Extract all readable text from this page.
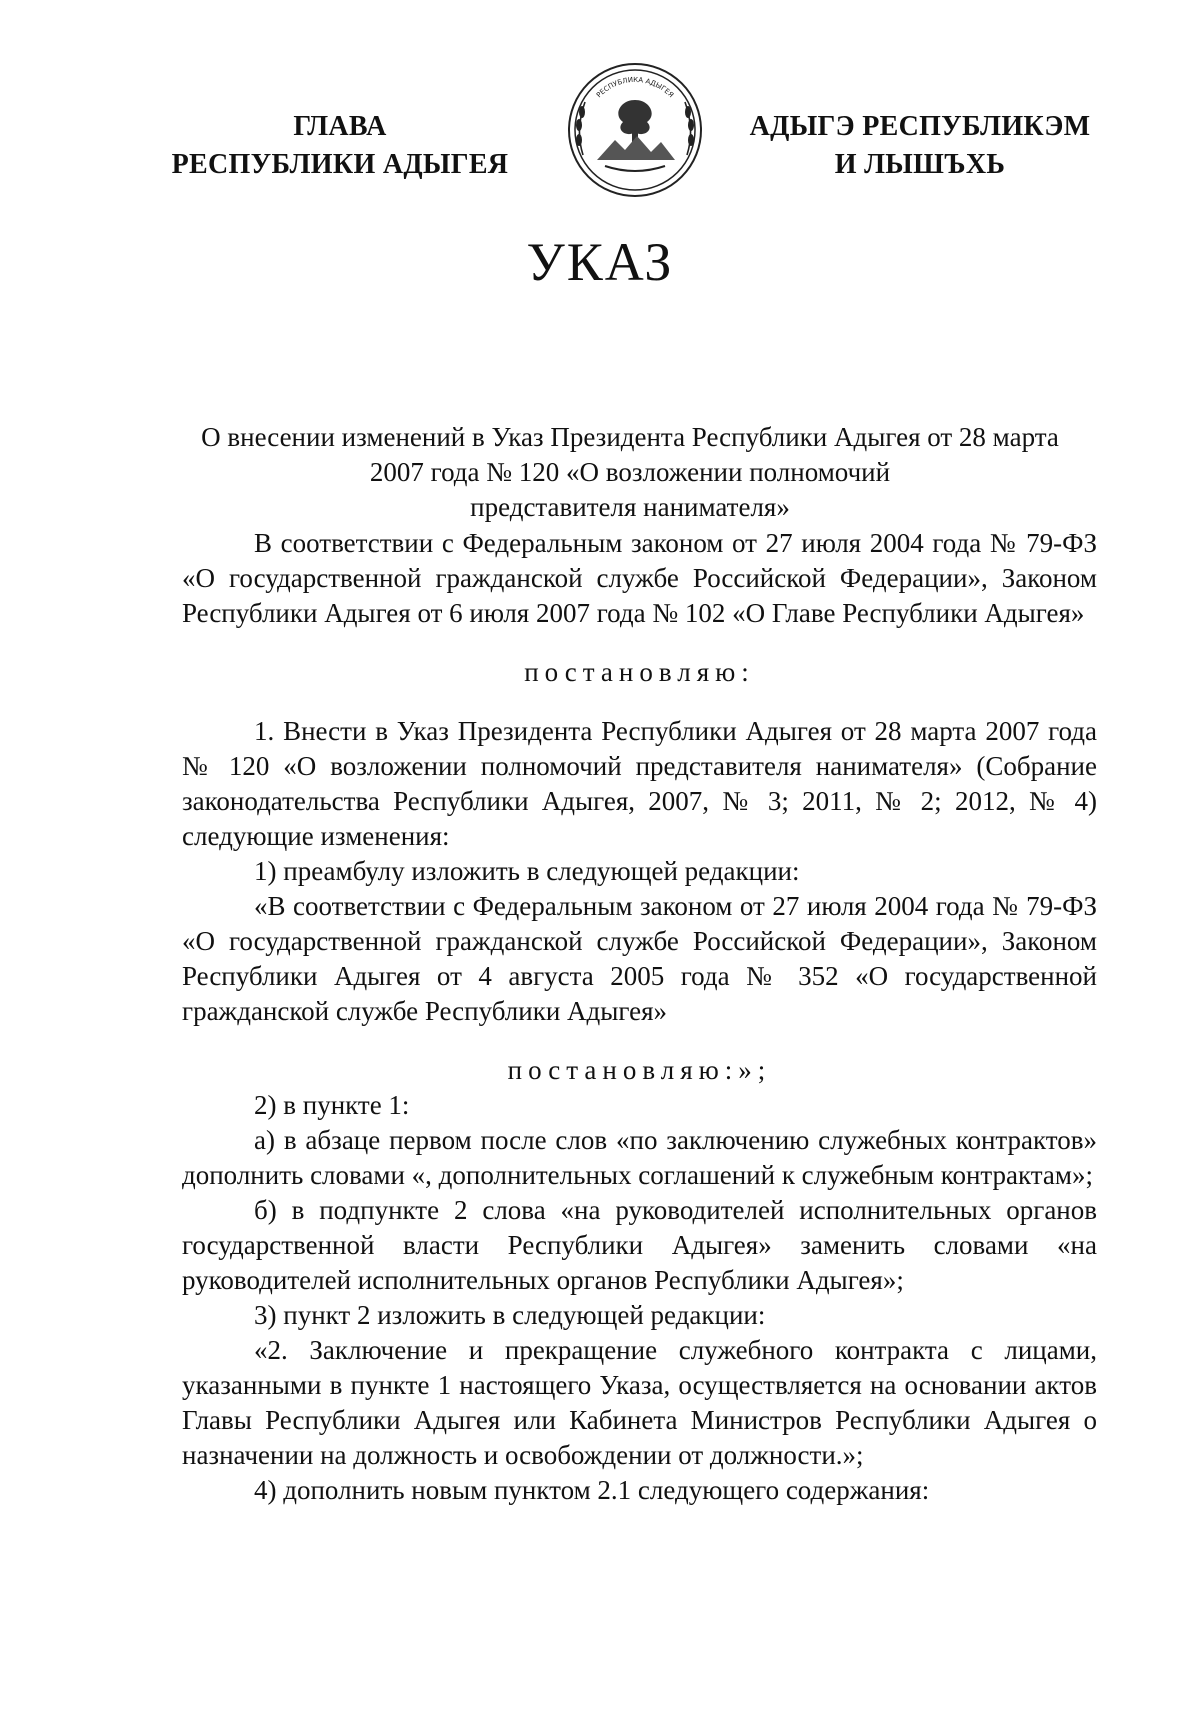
ГЛАВА
РЕСПУБЛИКИ АДЫГЕЯ
РЕСПУБЛИКА АДЫГЕЯ
АДЫГЭ РЕСПУБЛИКЭМ
И ЛЫШЪХЬ
УКАЗ
О внесении изменений в Указ Президента Республики Адыгея от 28 марта
2007 года № 120 «О возложении полномочий
представителя нанимателя»

В соответствии с Федеральным законом от 27 июля 2004 года № 79-ФЗ «О государственной гражданской службе Российской Федерации», Законом Республики Адыгея от 6 июля 2007 года № 102 «О Главе Республики Адыгея»

постановляю:

1. Внести в Указ Президента Республики Адыгея от 28 марта 2007 года № 120 «О возложении полномочий представителя нанимателя» (Собрание законодательства Республики Адыгея, 2007, № 3; 2011, № 2; 2012, № 4) следующие изменения:

1) преамбулу изложить в следующей редакции:

«В соответствии с Федеральным законом от 27 июля 2004 года № 79-ФЗ «О государственной гражданской службе Российской Федерации», Законом Республики Адыгея от 4 августа 2005 года № 352 «О государственной гражданской службе Республики Адыгея»

постановляю:»;

2) в пункте 1:

а) в абзаце первом после слов «по заключению служебных контрактов» дополнить словами «, дополнительных соглашений к служебным контрактам»;

б) в подпункте 2 слова «на руководителей исполнительных органов государственной власти Республики Адыгея» заменить словами «на руководителей исполнительных органов Республики Адыгея»;

3) пункт 2 изложить в следующей редакции:

«2. Заключение и прекращение служебного контракта с лицами, указанными в пункте 1 настоящего Указа, осуществляется на основании актов Главы Республики Адыгея или Кабинета Министров Республики Адыгея о назначении на должность и освобождении от должности.»;

4) дополнить новым пунктом 2.1 следующего содержания:
